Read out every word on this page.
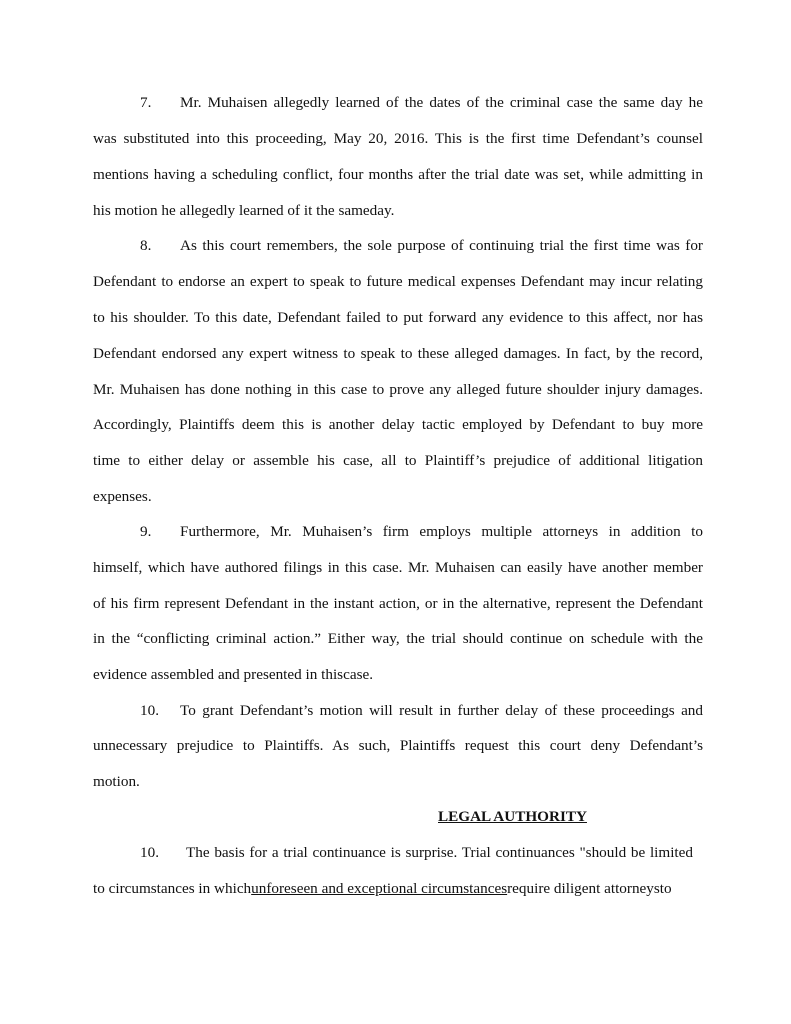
7. Mr. Muhaisen allegedly learned of the dates of the criminal case the same day he
was substituted into this proceeding, May 20, 2016. This is the first time Defendant’s counsel
mentions having a scheduling conflict, four months after the trial date was set, while admitting in
his motion he allegedly learned of it the sameday.
8. As this court remembers, the sole purpose of continuing trial the first time was for
Defendant to endorse an expert to speak to future medical expenses Defendant may incur relating
to his shoulder. To this date, Defendant failed to put forward any evidence to this affect, nor has
Defendant endorsed any expert witness to speak to these alleged damages. In fact, by the record,
Mr. Muhaisen has done nothing in this case to prove any alleged future shoulder injury damages.
Accordingly, Plaintiffs deem this is another delay tactic employed by Defendant to buy more
time to either delay or assemble his case, all to Plaintiff’s prejudice of additional litigation
expenses.
9. Furthermore, Mr. Muhaisen’s firm employs multiple attorneys in addition to
himself, which have authored filings in this case. Mr. Muhaisen can easily have another member
of his firm represent Defendant in the instant action, or in the alternative, represent the Defendant
in the “conflicting criminal action.” Either way, the trial should continue on schedule with the
evidence assembled and presented in thiscase.
10. To grant Defendant’s motion will result in further delay of these proceedings and
unnecessary prejudice to Plaintiffs. As such, Plaintiffs request this court deny Defendant’s
motion.
LEGAL AUTHORITY
10. The basis for a trial continuance is surprise. Trial continuances "should be limited
to circumstances in whichunforeseen and exceptional circumstancesrequire diligent attorneysto
